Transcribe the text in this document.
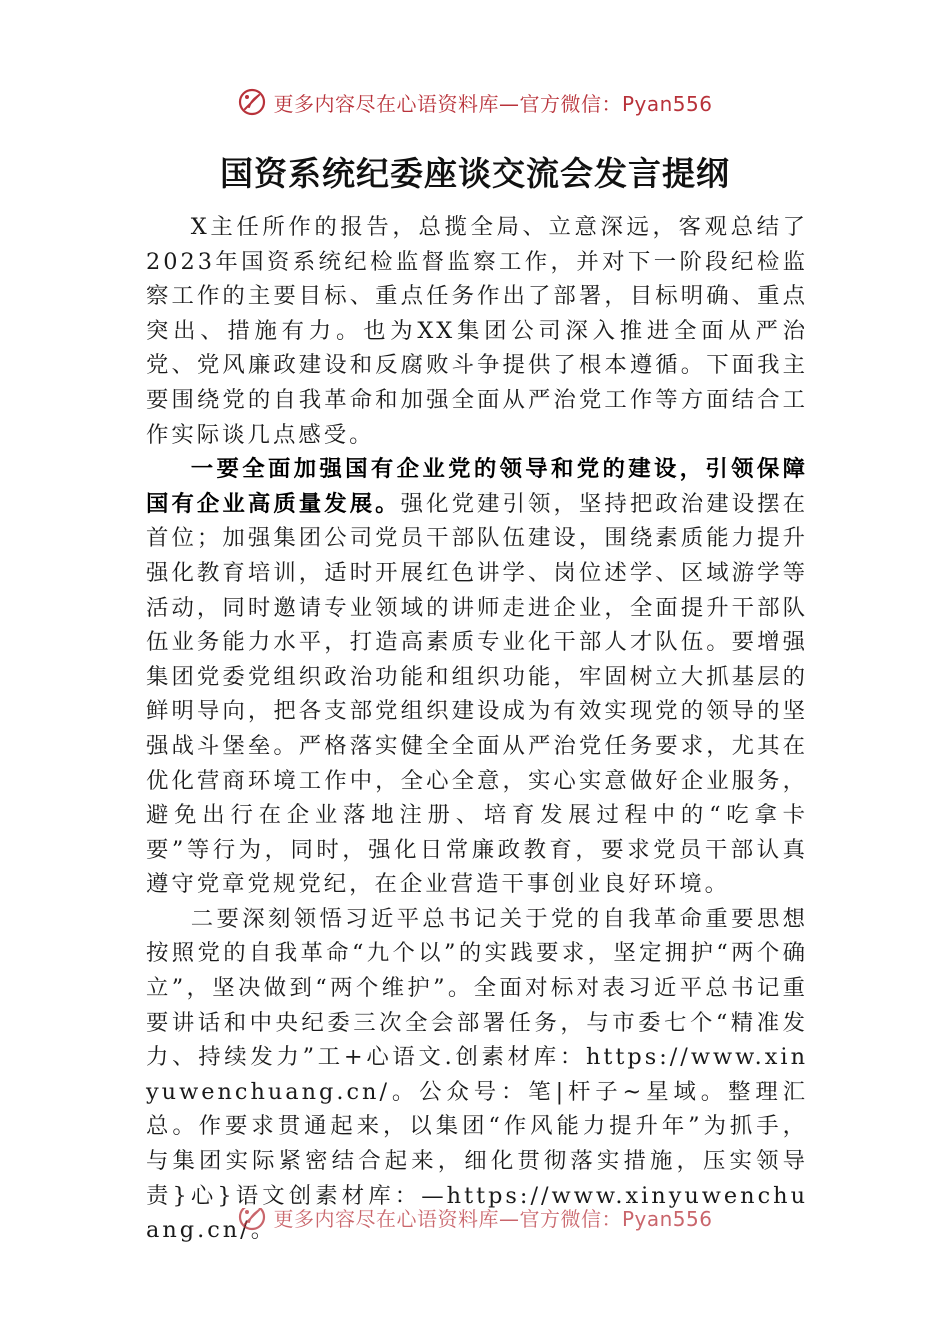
更多内容尽在心语资料库—官方微信：Pyan556
国资系统纪委座谈交流会发言提纲

X主任所作的报告，总揽全局、立意深远，客观总结了2023年国资系统纪检监督监察工作，并对下一阶段纪检监察工作的主要目标、重点任务作出了部署，目标明确、重点突出、措施有力。也为XX集团公司深入推进全面从严治党、党风廉政建设和反腐败斗争提供了根本遵循。下面我主要围绕党的自我革命和加强全面从严治党工作等方面结合工作实际谈几点感受。

一要全面加强国有企业党的领导和党的建设，引领保障国有企业高质量发展。强化党建引领，坚持把政治建设摆在首位；加强集团公司党员干部队伍建设，围绕素质能力提升强化教育培训，适时开展红色讲学、岗位述学、区域游学等活动，同时邀请专业领域的讲师走进企业，全面提升干部队伍业务能力水平，打造高素质专业化干部人才队伍。要增强集团党委党组织政治功能和组织功能，牢固树立大抓基层的鲜明导向，把各支部党组织建设成为有效实现党的领导的坚强战斗堡垒。严格落实健全全面从严治党任务要求，尤其在优化营商环境工作中，全心全意，实心实意做好企业服务，避免出行在企业落地注册、培育发展过程中的“吃拿卡要”等行为，同时，强化日常廉政教育，要求党员干部认真遵守党章党规党纪，在企业营造干事创业良好环境。

二要深刻领悟习近平总书记关于党的自我革命重要思想按照党的自我革命“九个以”的实践要求，坚定拥护“两个确立”，坚决做到“两个维护”。全面对标对表习近平总书记重要讲话和中央纪委三次全会部署任务，与市委七个“精准发力、持续发力”工+心语文.创素材库：https://www.xinyuwenchuang.cn/。公众号：笔|杆子~星域。整理汇总。作要求贯通起来，以集团“作风能力提升年”为抓手，与集团实际紧密结合起来，细化贯彻落实措施，压实领导责}心}语文创素材库：—https://www.xinyuwenchuang.cn/。

更多内容尽在心语资料库—官方微信：Pyan556
